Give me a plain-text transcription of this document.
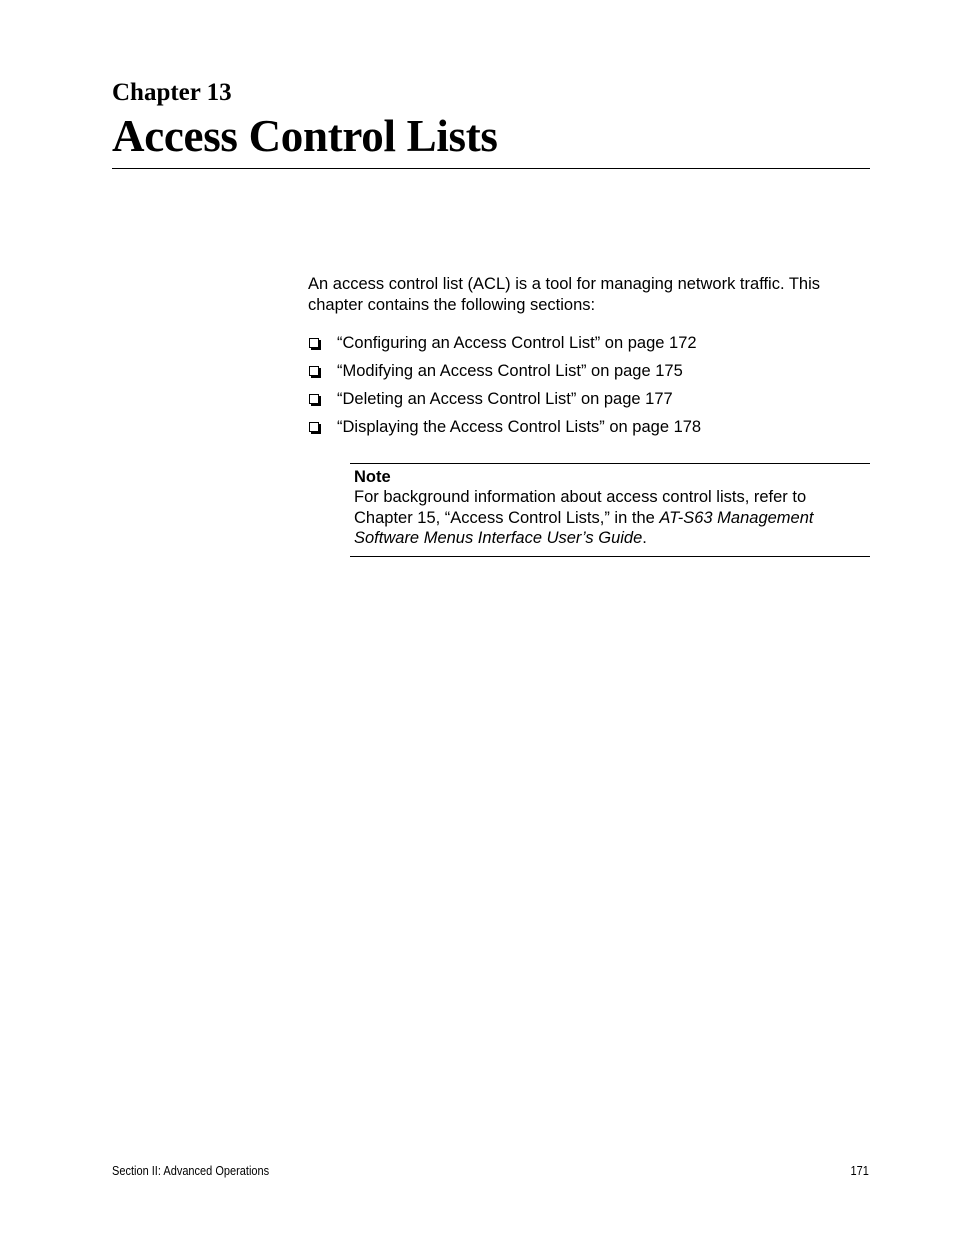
Chapter 13
Access Control Lists

An access control list (ACL) is a tool for managing network traffic. This chapter contains the following sections:

“Configuring an Access Control List” on page 172
“Modifying an Access Control List” on page 175
“Deleting an Access Control List” on page 177
“Displaying the Access Control Lists” on page 178

Note

For background information about access control lists, refer to Chapter 15, “Access Control Lists,” in the AT-S63 Management Software Menus Interface User’s Guide.

Section II: Advanced Operations	171
